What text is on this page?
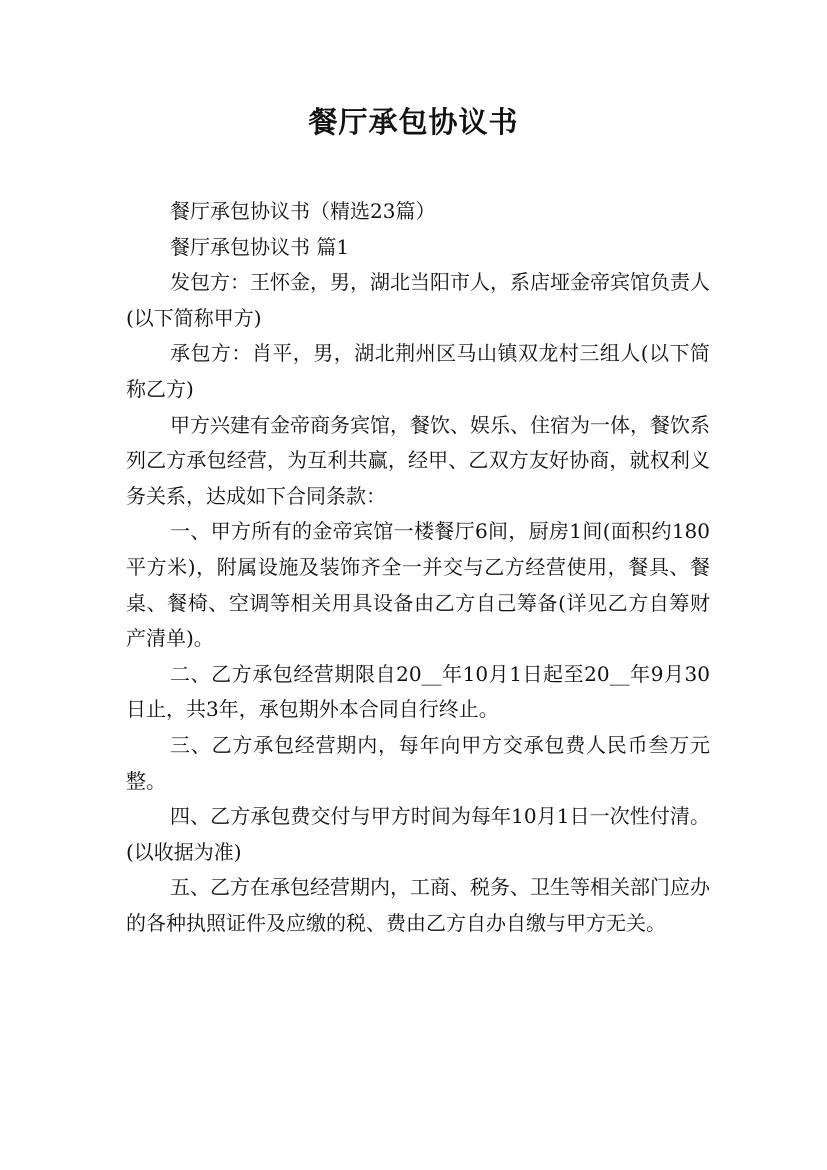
餐厅承包协议书

餐厅承包协议书（精选23篇）

餐厅承包协议书 篇1

发包方：王怀金，男，湖北当阳市人，系店垭金帝宾馆负责人(以下简称甲方)

承包方：肖平，男，湖北荆州区马山镇双龙村三组人(以下简称乙方)

甲方兴建有金帝商务宾馆，餐饮、娱乐、住宿为一体，餐饮系列乙方承包经营，为互利共赢，经甲、乙双方友好协商，就权利义务关系，达成如下合同条款：

一、甲方所有的金帝宾馆一楼餐厅6间，厨房1间(面积约180平方米)，附属设施及装饰齐全一并交与乙方经营使用，餐具、餐桌、餐椅、空调等相关用具设备由乙方自己筹备(详见乙方自筹财产清单)。

二、乙方承包经营期限自20__年10月1日起至20__年9月30日止，共3年，承包期外本合同自行终止。

三、乙方承包经营期内，每年向甲方交承包费人民币叁万元整。

四、乙方承包费交付与甲方时间为每年10月1日一次性付清。(以收据为准)

五、乙方在承包经营期内，工商、税务、卫生等相关部门应办的各种执照证件及应缴的税、费由乙方自办自缴与甲方无关。
